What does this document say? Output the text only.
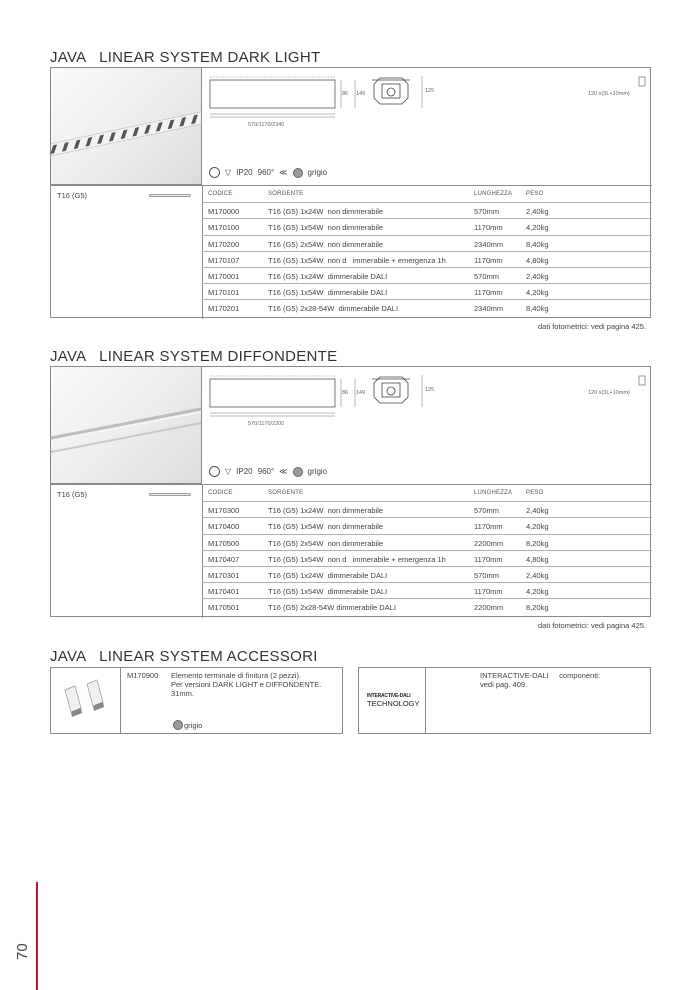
JAVA   LINEAR SYSTEM DARK LIGHT
570/1170/2340
86 149	125	120 x(3L+10mm)
▽ IP20 960° ≪	grigio
T16 (G5)	CODICE	SORGENTE	LUNGHEZZA PESO
M170000	T16 (G5) 1x24W  non dimmerabile	570mm	2,40kg
M170100	T16 (G5) 1x54W  non dimmerabile	1170mm	4,20kg
M170200	T16 (G5) 2x54W  non dimmerabile	2340mm	8,40kg
M170107	T16 (G5) 1x54W  non d   immerabile + emergenza 1h	1170mm	4,80kg
M170001	T16 (G5) 1x24W  dimmerabile DALI	570mm	2,40kg
M170101	T16 (G5) 1x54W  dimmerabile DALI	1170mm	4,20kg
M170201	T16 (G5) 2x28-54W  dimmerabile DALI	2340mm	8,40kg
dati fotometrici: vedi pagina 425.
JAVA   LINEAR SYSTEM DIFFONDENTE
570/1170/2200
86 149	125	120 x(3L+10mm)
▽ IP20 960° ≪	grigio
T16 (G5)	CODICE	SORGENTE	LUNGHEZZA PESO
M170300	T16 (G5) 1x24W  non dimmerabile	570mm	2,40kg
M170400	T16 (G5) 1x54W  non dimmerabile	1170mm	4,20kg
M170500	T16 (G5) 2x54W  non dimmerabile	2200mm	8,20kg
M170407	T16 (G5) 1x54W  non d   immerabile + emergenza 1h	1170mm	4,80kg
M170301	T16 (G5) 1x24W  dimmerabile DALI	570mm	2,40kg
M170401	T16 (G5) 1x54W  dimmerabile DALI	1170mm	4,20kg
M170501	T16 (G5) 2x28-54W dimmerabile DALI	2200mm	8,20kg
dati fotometrici: vedi pagina 425.
JAVA   LINEAR SYSTEM ACCESSORI
M170900 Elemento terminale di finitura (2 pezzi).
Per versioni DARK LIGHT e DIFFONDENTE.
31mm.
grigio
INTERACTIVE-DALI
TECHNOLOGY
INTERACTIVE-DALI     componenti:
vedi pag. 409.
70
